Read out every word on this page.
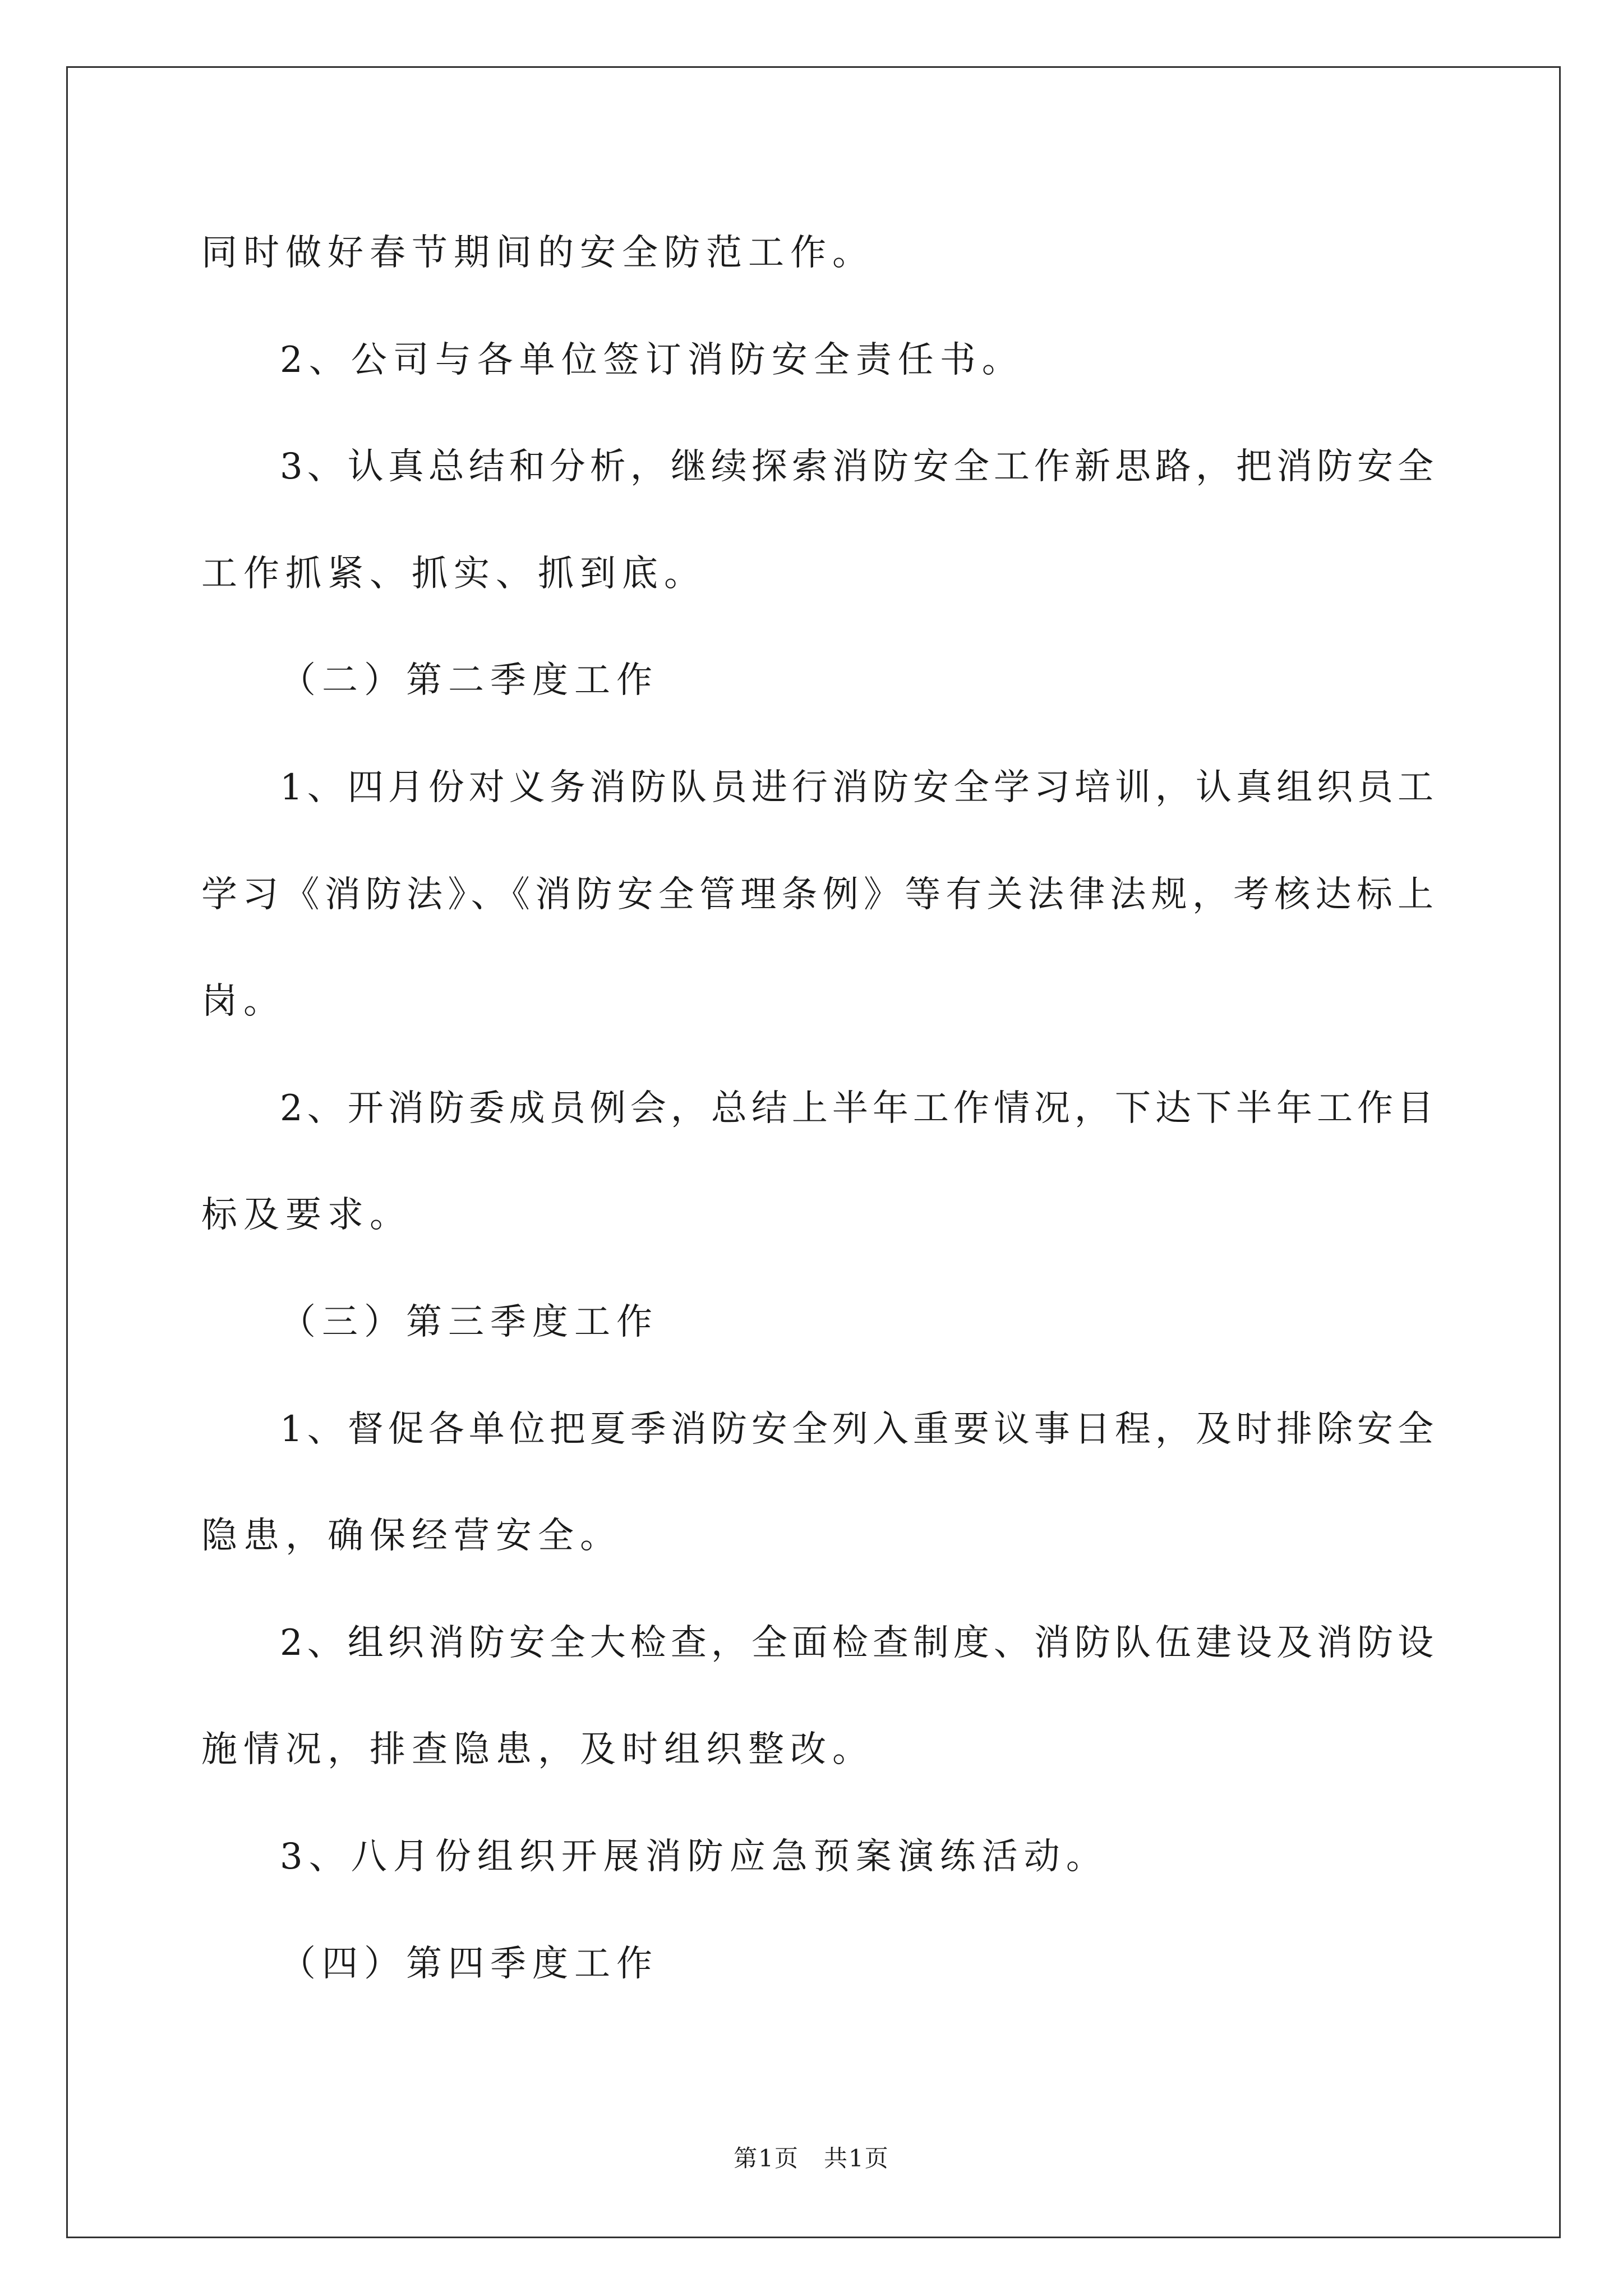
同时做好春节期间的安全防范工作。
2、公司与各单位签订消防安全责任书。
3、认真总结和分析，继续探索消防安全工作新思路，把消防安全
工作抓紧、抓实、抓到底。
（二）第二季度工作
1、四月份对义务消防队员进行消防安全学习培训，认真组织员工
学习《消防法》、《消防安全管理条例》等有关法律法规，考核达标上
岗。
2、开消防委成员例会，总结上半年工作情况，下达下半年工作目
标及要求。
（三）第三季度工作
1、督促各单位把夏季消防安全列入重要议事日程，及时排除安全
隐患，确保经营安全。
2、组织消防安全大检查，全面检查制度、消防队伍建设及消防设
施情况，排查隐患，及时组织整改。
3、八月份组织开展消防应急预案演练活动。
（四）第四季度工作
第1页　共1页
